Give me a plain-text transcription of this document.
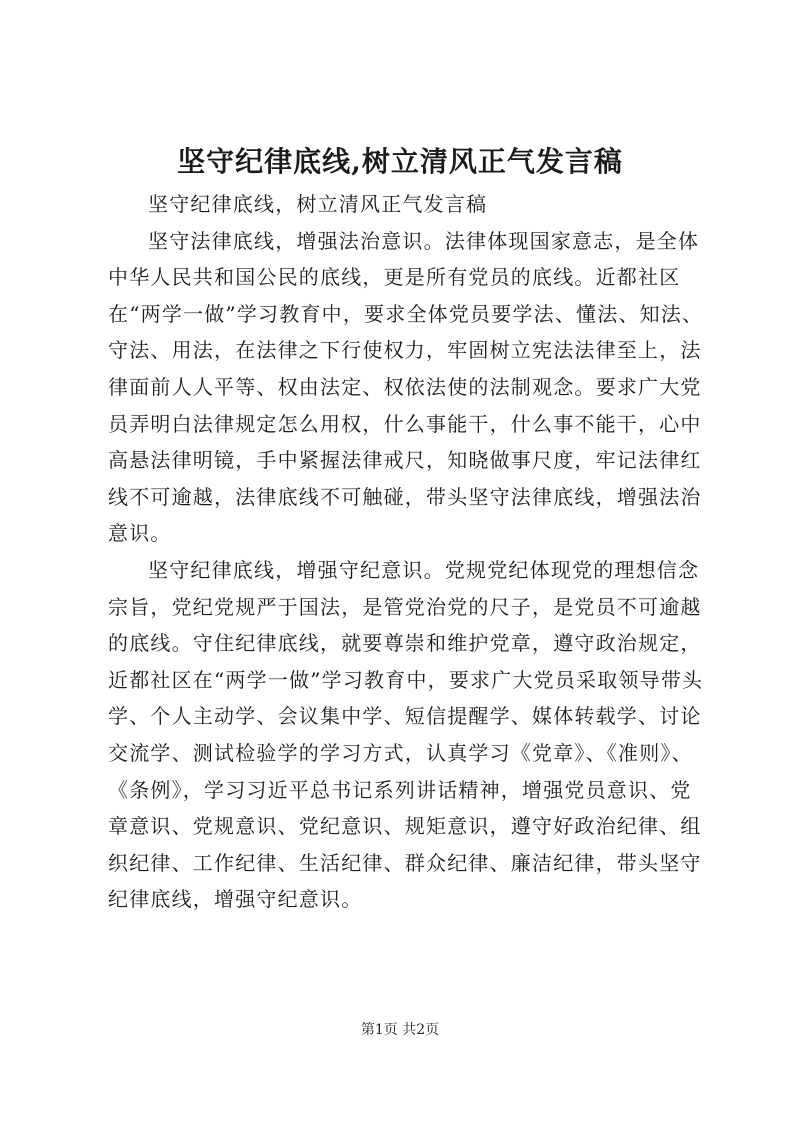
坚守纪律底线,树立清风正气发言稿

坚守纪律底线，树立清风正气发言稿

坚守法律底线，增强法治意识。法律体现国家意志，是全体中华人民共和国公民的底线，更是所有党员的底线。近都社区在“两学一做”学习教育中，要求全体党员要学法、懂法、知法、守法、用法，在法律之下行使权力，牢固树立宪法法律至上，法律面前人人平等、权由法定、权依法使的法制观念。要求广大党员弄明白法律规定怎么用权，什么事能干，什么事不能干，心中高悬法律明镜，手中紧握法律戒尺，知晓做事尺度，牢记法律红线不可逾越，法律底线不可触碰，带头坚守法律底线，增强法治意识。

坚守纪律底线，增强守纪意识。党规党纪体现党的理想信念宗旨，党纪党规严于国法，是管党治党的尺子，是党员不可逾越的底线。守住纪律底线，就要尊崇和维护党章，遵守政治规定，近都社区在“两学一做”学习教育中，要求广大党员采取领导带头学、个人主动学、会议集中学、短信提醒学、媒体转载学、讨论交流学、测试检验学的学习方式，认真学习《党章》、《准则》、《条例》，学习习近平总书记系列讲话精神，增强党员意识、党章意识、党规意识、党纪意识、规矩意识，遵守好政治纪律、组织纪律、工作纪律、生活纪律、群众纪律、廉洁纪律，带头坚守纪律底线，增强守纪意识。

第1页 共2页
